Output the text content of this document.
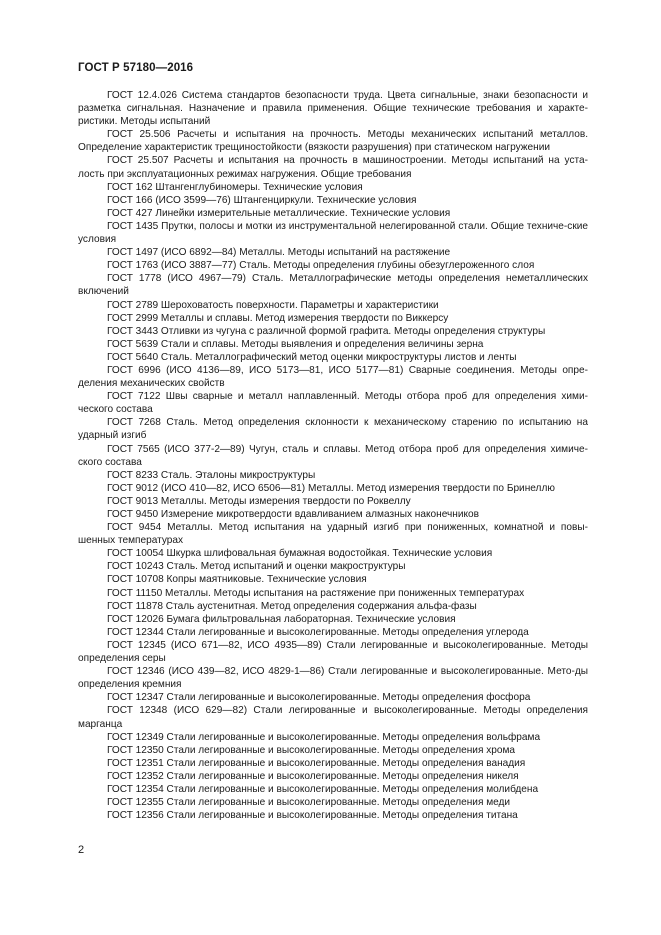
ГОСТ Р 57180—2016

ГОСТ 12.4.026 Система стандартов безопасности труда. Цвета сигнальные, знаки безопасности и разметка сигнальная. Назначение и правила применения. Общие технические требования и характе-ристики. Методы испытаний

ГОСТ 25.506 Расчеты и испытания на прочность. Методы механических испытаний металлов. Определение характеристик трещиностойкости (вязкости разрушения) при статическом нагружении

ГОСТ 25.507 Расчеты и испытания на прочность в машиностроении. Методы испытаний на уста-лость при эксплуатационных режимах нагружения. Общие требования

ГОСТ 162 Штангенглубиномеры. Технические условия

ГОСТ 166 (ИСО 3599—76) Штангенциркули. Технические условия

ГОСТ 427 Линейки измерительные металлические. Технические условия

ГОСТ 1435 Прутки, полосы и мотки из инструментальной нелегированной стали. Общие техниче-ские условия

ГОСТ 1497 (ИСО 6892—84) Металлы. Методы испытаний на растяжение

ГОСТ 1763 (ИСО 3887—77) Сталь. Методы определения глубины обезуглероженного слоя

ГОСТ 1778 (ИСО 4967—79) Сталь. Металлографические методы определения неметаллических включений

ГОСТ 2789 Шероховатость поверхности. Параметры и характеристики

ГОСТ 2999 Металлы и сплавы. Метод измерения твердости по Виккерсу

ГОСТ 3443 Отливки из чугуна с различной формой графита. Методы определения структуры

ГОСТ 5639 Стали и сплавы. Методы выявления и определения величины зерна

ГОСТ 5640 Сталь. Металлографический метод оценки микроструктуры листов и ленты

ГОСТ 6996 (ИСО 4136—89, ИСО 5173—81, ИСО 5177—81) Сварные соединения. Методы опре-деления механических свойств

ГОСТ 7122 Швы сварные и металл наплавленный. Методы отбора проб для определения хими-ческого состава

ГОСТ 7268 Сталь. Метод определения склонности к механическому старению по испытанию на ударный изгиб

ГОСТ 7565 (ИСО 377-2—89) Чугун, сталь и сплавы. Метод отбора проб для определения химиче-ского состава

ГОСТ 8233 Сталь. Эталоны микроструктуры

ГОСТ 9012 (ИСО 410—82, ИСО 6506—81) Металлы. Метод измерения твердости по Бринеллю

ГОСТ 9013 Металлы. Методы измерения твердости по Роквеллу

ГОСТ 9450 Измерение микротвердости вдавливанием алмазных наконечников

ГОСТ 9454 Металлы. Метод испытания на ударный изгиб при пониженных, комнатной и повы-шенных температурах

ГОСТ 10054 Шкурка шлифовальная бумажная водостойкая. Технические условия

ГОСТ 10243 Сталь. Метод испытаний и оценки макроструктуры

ГОСТ 10708 Копры маятниковые. Технические условия

ГОСТ 11150 Металлы. Методы испытания на растяжение при пониженных температурах

ГОСТ 11878 Сталь аустенитная. Метод определения содержания альфа-фазы

ГОСТ 12026 Бумага фильтровальная лабораторная. Технические условия

ГОСТ 12344 Стали легированные и высоколегированные. Методы определения углерода

ГОСТ 12345 (ИСО 671—82, ИСО 4935—89) Стали легированные и высоколегированные. Методы определения серы

ГОСТ 12346 (ИСО 439—82, ИСО 4829-1—86) Стали легированные и высоколегированные. Мето-ды определения кремния

ГОСТ 12347 Стали легированные и высоколегированные. Методы определения фосфора

ГОСТ 12348 (ИСО 629—82) Стали легированные и высоколегированные. Методы определения марганца

ГОСТ 12349 Стали легированные и высоколегированные. Методы определения вольфрама

ГОСТ 12350 Стали легированные и высоколегированные. Методы определения хрома

ГОСТ 12351 Стали легированные и высоколегированные. Методы определения ванадия

ГОСТ 12352 Стали легированные и высоколегированные. Методы определения никеля

ГОСТ 12354 Стали легированные и высоколегированные. Методы определения молибдена

ГОСТ 12355 Стали легированные и высоколегированные. Методы определения меди

ГОСТ 12356 Стали легированные и высоколегированные. Методы определения титана

2
